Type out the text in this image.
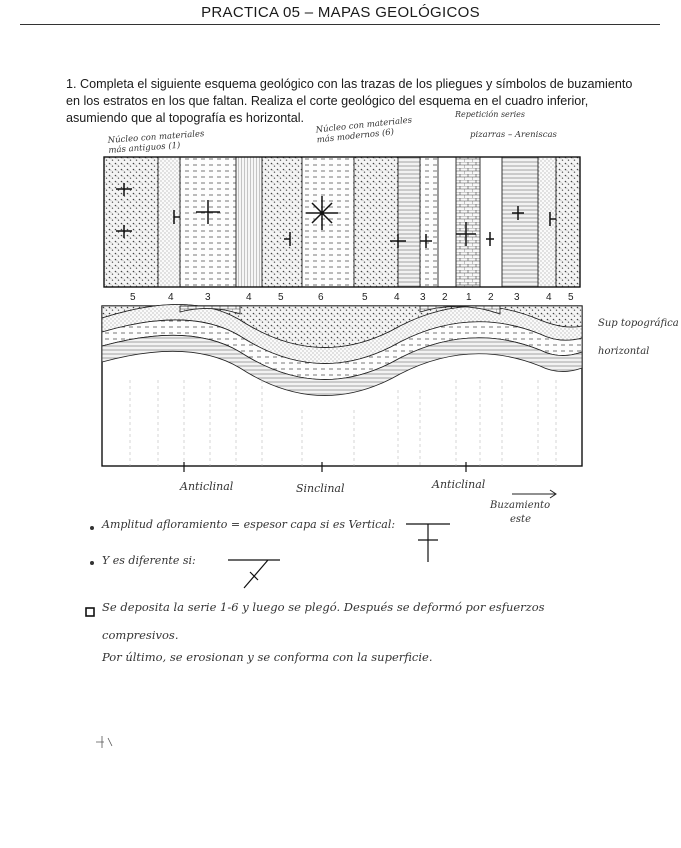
PRACTICA 05 – MAPAS GEOLÓGICOS
1. Completa el siguiente esquema geológico con las trazas de los pliegues y símbolos de buzamiento en los estratos en los que faltan. Realiza el corte geológico del esquema en el cuadro inferior, asumiendo que al topografía es horizontal.
Núcleo con materiales más antiguos (1)
Núcleo con materiales más modernos (6)
Repetición series
pizarras – Areniscas
5	4	3	4	5	6	5	4 3 2 1 2 3	4 5
Sup topográfica
horizontal
Anticlinal	Sinclinal	Anticlinal
Buzamiento
este
Amplitud afloramiento = espesor capa si es Vertical:
Y es diferente si:
Se deposita la serie 1-6 y luego se plegó. Después se deformó por esfuerzos
compresivos.
Por último, se erosionan y se conforma con la superficie.
